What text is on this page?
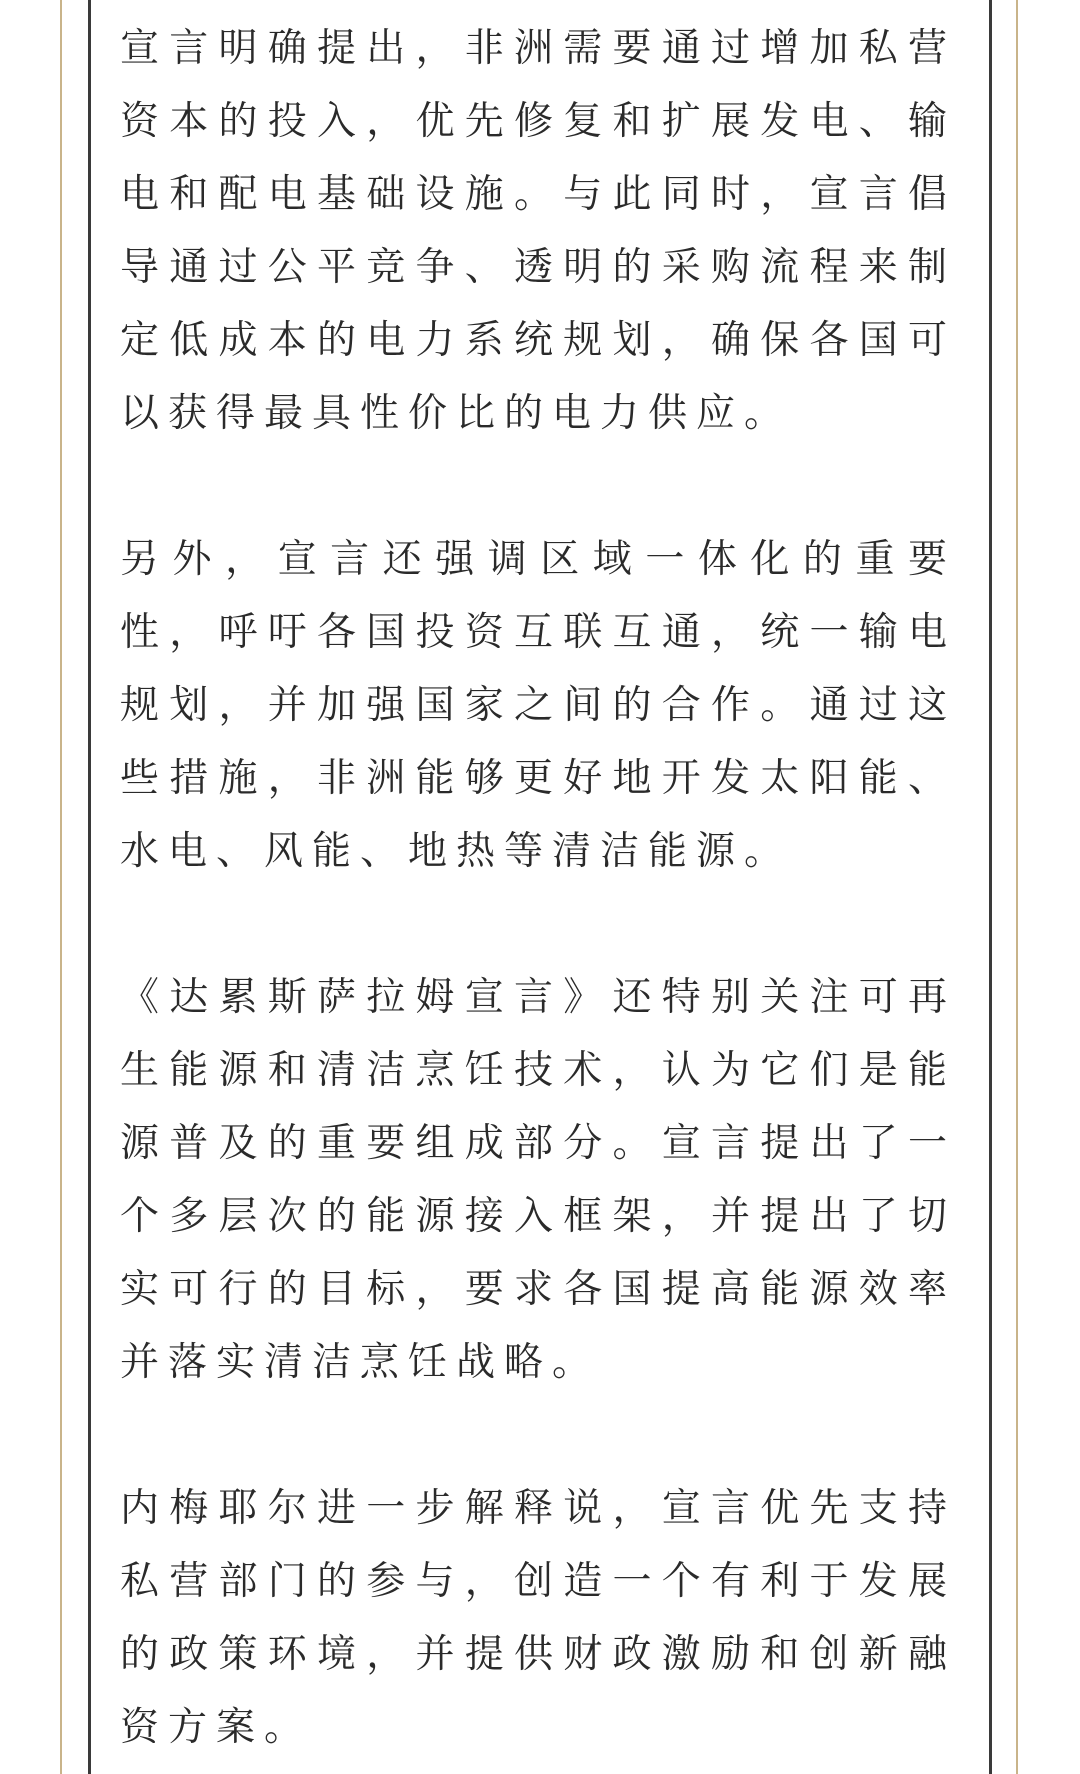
宣言明确提出，非洲需要通过增加私营资本的投入，优先修复和扩展发电、输电和配电基础设施。与此同时，宣言倡导通过公平竞争、透明的采购流程来制定低成本的电力系统规划，确保各国可以获得最具性价比的电力供应。

另外，宣言还强调区域一体化的重要性，呼吁各国投资互联互通，统一输电规划，并加强国家之间的合作。通过这些措施，非洲能够更好地开发太阳能、水电、风能、地热等清洁能源。

《达累斯萨拉姆宣言》还特别关注可再生能源和清洁烹饪技术，认为它们是能源普及的重要组成部分。宣言提出了一个多层次的能源接入框架，并提出了切实可行的目标，要求各国提高能源效率并落实清洁烹饪战略。

内梅耶尔进一步解释说，宣言优先支持私营部门的参与，创造一个有利于发展的政策环境，并提供财政激励和创新融资方案。
